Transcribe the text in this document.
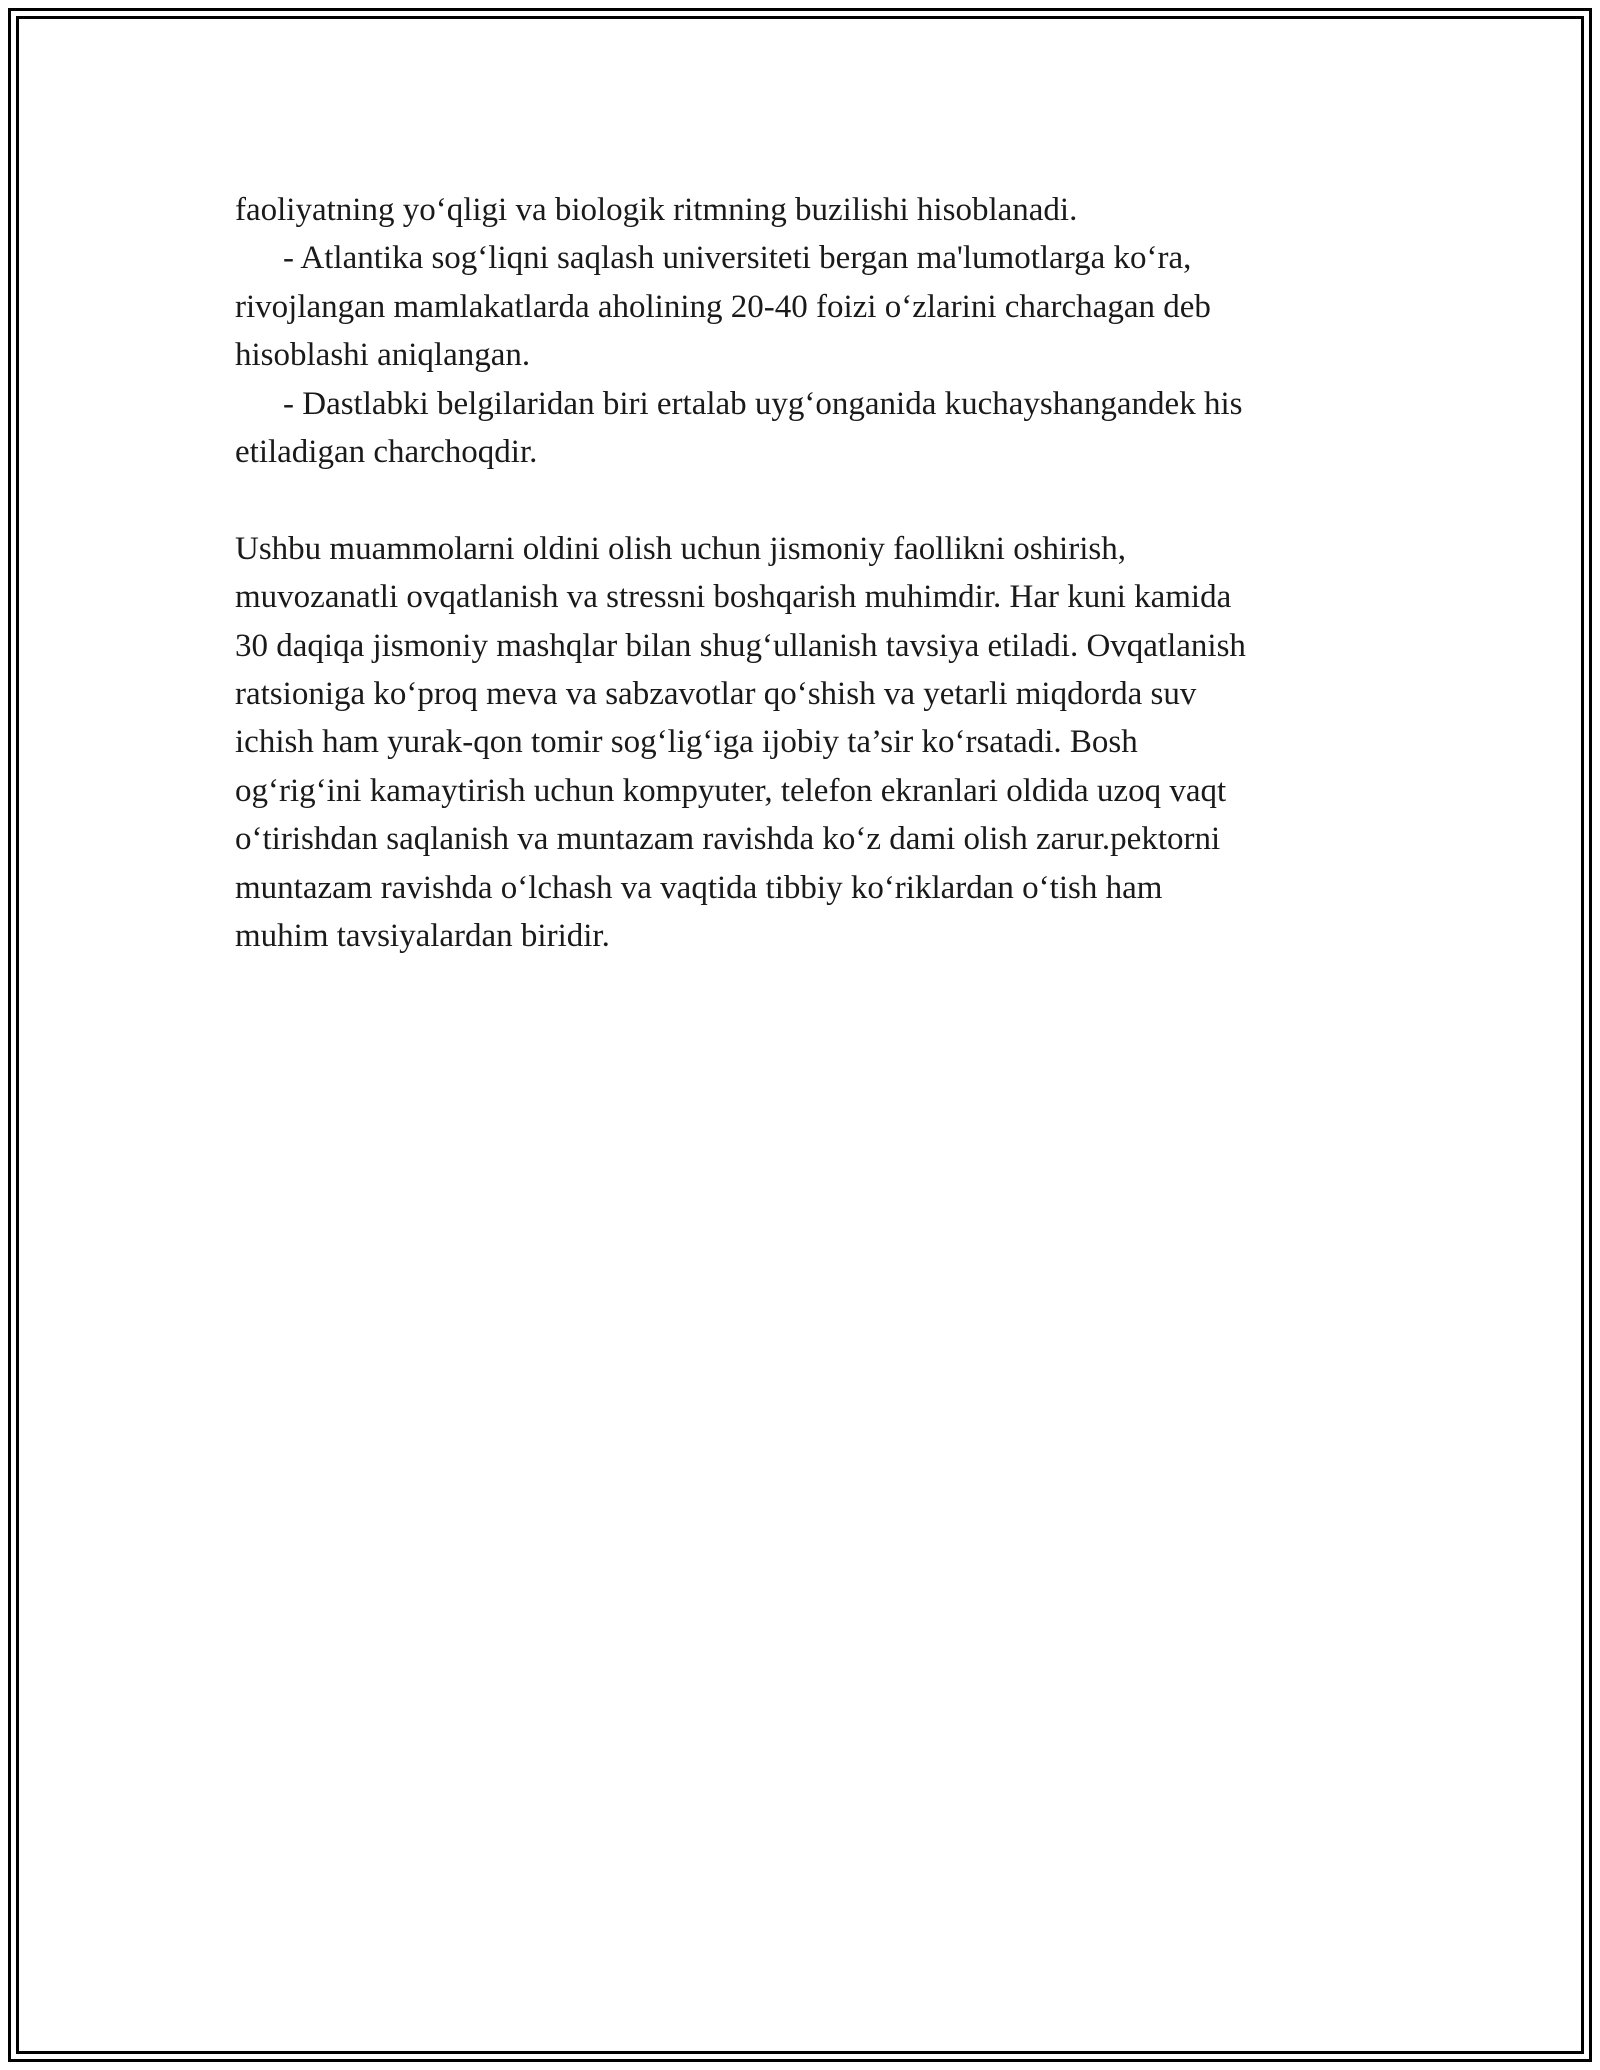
faoliyatning yo‘qligi va biologik ritmning buzilishi hisoblanadi.
- Atlantika sog‘liqni saqlash universiteti bergan ma'lumotlarga ko‘ra,
rivojlangan mamlakatlarda aholining 20-40 foizi o‘zlarini charchagan deb
hisoblashi aniqlangan.
- Dastlabki belgilaridan biri ertalab uyg‘onganida kuchayshangandek his
etiladigan charchoqdir.
Ushbu muammolarni oldini olish uchun jismoniy faollikni oshirish,
muvozanatli ovqatlanish va stressni boshqarish muhimdir. Har kuni kamida
30 daqiqa jismoniy mashqlar bilan shug‘ullanish tavsiya etiladi. Ovqatlanish
ratsioniga ko‘proq meva va sabzavotlar qo‘shish va yetarli miqdorda suv
ichish ham yurak-qon tomir sog‘lig‘iga ijobiy ta’sir ko‘rsatadi. Bosh
og‘rig‘ini kamaytirish uchun kompyuter, telefon ekranlari oldida uzoq vaqt
o‘tirishdan saqlanish va muntazam ravishda ko‘z dami olish zarur.pektorni
muntazam ravishda o‘lchash va vaqtida tibbiy ko‘riklardan o‘tish ham
muhim tavsiyalardan biridir.
